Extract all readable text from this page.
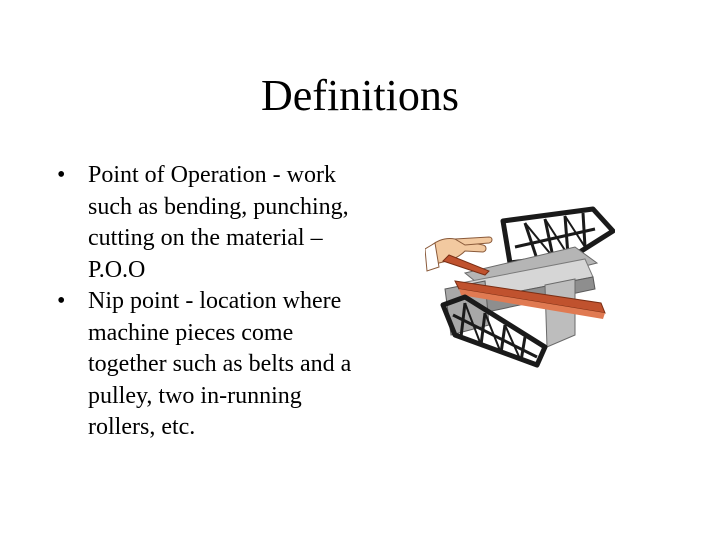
Definitions
• Point of Operation - work such as bending, punching, cutting on the material – P.O.O
• Nip point - location where machine pieces come together such as belts and a pulley, two in-running rollers, etc.
